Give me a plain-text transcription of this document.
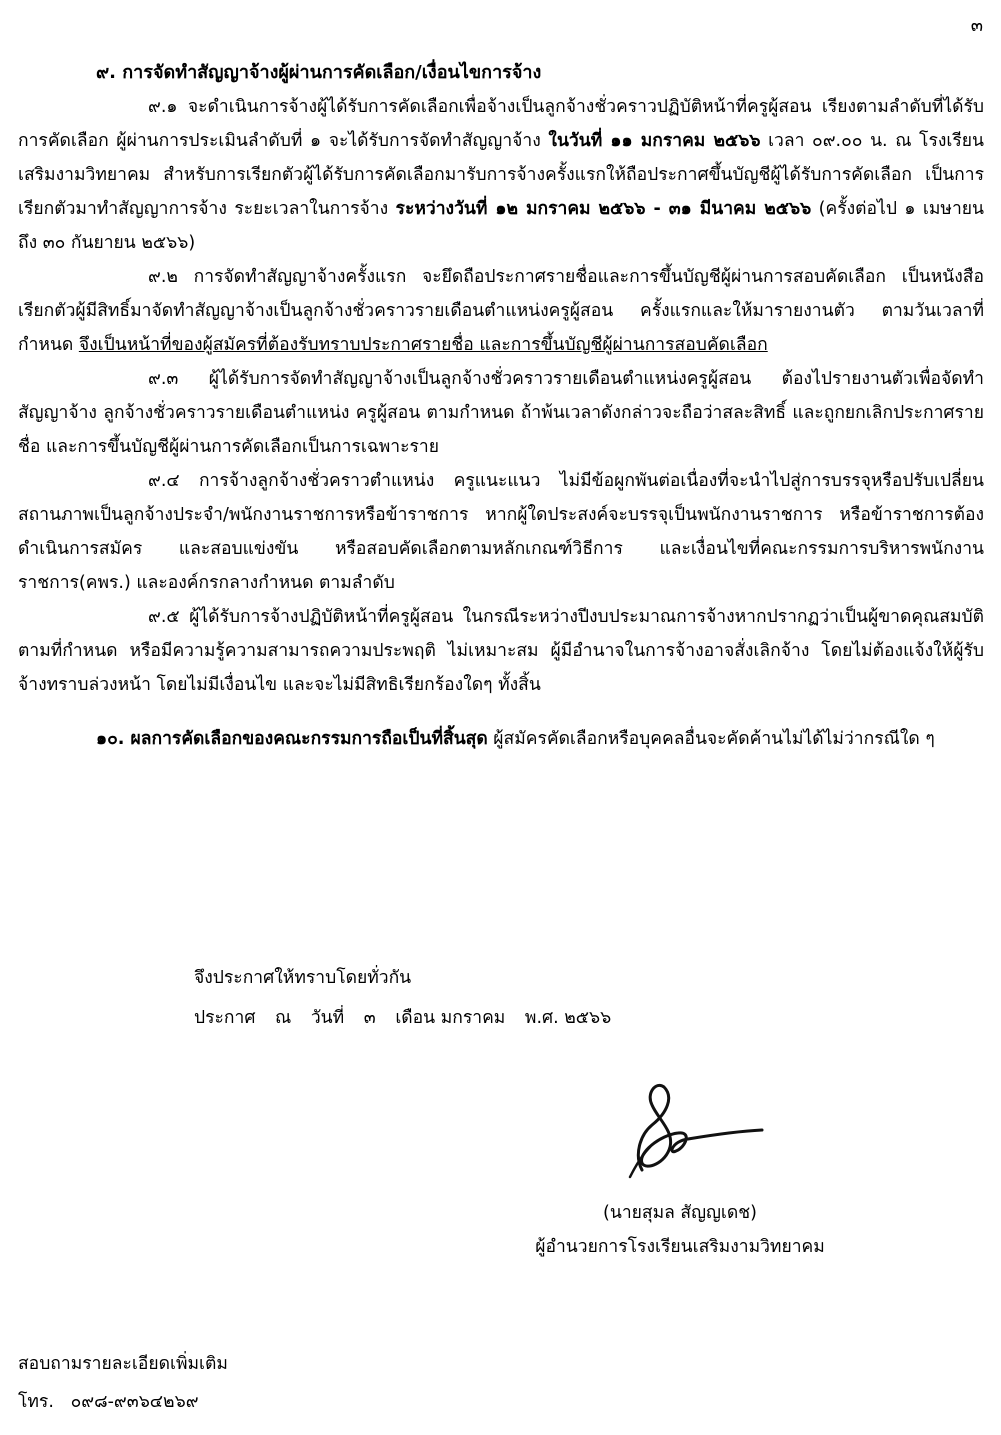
๓

๙. การจัดทำสัญญาจ้างผู้ผ่านการคัดเลือก/เงื่อนไขการจ้าง

๙.๑ จะดำเนินการจ้างผู้ได้รับการคัดเลือกเพื่อจ้างเป็นลูกจ้างชั่วคราวปฏิบัติหน้าที่ครูผู้สอน เรียงตามลำดับที่ได้รับการคัดเลือก ผู้ผ่านการประเมินลำดับที่ ๑ จะได้รับการจัดทำสัญญาจ้าง ในวันที่ ๑๑ มกราคม ๒๕๖๖ เวลา ๐๙.๐๐ น. ณ โรงเรียนเสริมงามวิทยาคม สำหรับการเรียกตัวผู้ได้รับการคัดเลือกมารับการจ้างครั้งแรกให้ถือประกาศขึ้นบัญชีผู้ได้รับการคัดเลือก เป็นการเรียกตัวมาทำสัญญาการจ้าง ระยะเวลาในการจ้าง ระหว่างวันที่ ๑๒ มกราคม ๒๕๖๖ - ๓๑ มีนาคม ๒๕๖๖ (ครั้งต่อไป ๑ เมษายน ถึง ๓๐ กันยายน ๒๕๖๖)

๙.๒ การจัดทำสัญญาจ้างครั้งแรก จะยึดถือประกาศรายชื่อและการขึ้นบัญชีผู้ผ่านการสอบคัดเลือก เป็นหนังสือ เรียกตัวผู้มีสิทธิ์มาจัดทำสัญญาจ้างเป็นลูกจ้างชั่วคราวรายเดือนตำแหน่งครูผู้สอน ครั้งแรกและให้มารายงานตัว ตามวันเวลาที่กำหนด จึงเป็นหน้าที่ของผู้สมัครที่ต้องรับทราบประกาศรายชื่อ และการขึ้นบัญชีผู้ผ่านการสอบคัดเลือก

๙.๓ ผู้ได้รับการจัดทำสัญญาจ้างเป็นลูกจ้างชั่วคราวรายเดือนตำแหน่งครูผู้สอน ต้องไปรายงานตัวเพื่อจัดทำสัญญาจ้าง ลูกจ้างชั่วคราวรายเดือนตำแหน่ง ครูผู้สอน ตามกำหนด ถ้าพ้นเวลาดังกล่าวจะถือว่าสละสิทธิ์ และถูกยกเลิกประกาศรายชื่อ และการขึ้นบัญชีผู้ผ่านการคัดเลือกเป็นการเฉพาะราย

๙.๔ การจ้างลูกจ้างชั่วคราวตำแหน่ง ครูแนะแนว ไม่มีข้อผูกพันต่อเนื่องที่จะนำไปสู่การบรรจุหรือปรับเปลี่ยนสถานภาพเป็นลูกจ้างประจำ/พนักงานราชการหรือข้าราชการ หากผู้ใดประสงค์จะบรรจุเป็นพนักงานราชการ หรือข้าราชการต้องดำเนินการสมัคร และสอบแข่งขัน หรือสอบคัดเลือกตามหลักเกณฑ์วิธีการ และเงื่อนไขที่คณะกรรมการบริหารพนักงานราชการ(คพร.) และองค์กรกลางกำหนด ตามลำดับ

๙.๕ ผู้ได้รับการจ้างปฏิบัติหน้าที่ครูผู้สอน ในกรณีระหว่างปีงบประมาณการจ้างหากปรากฏว่าเป็นผู้ขาดคุณสมบัติตามที่กำหนด หรือมีความรู้ความสามารถความประพฤติ ไม่เหมาะสม ผู้มีอำนาจในการจ้างอาจสั่งเลิกจ้าง โดยไม่ต้องแจ้งให้ผู้รับจ้างทราบล่วงหน้า โดยไม่มีเงื่อนไข และจะไม่มีสิทธิเรียกร้องใดๆ ทั้งสิ้น

๑๐. ผลการคัดเลือกของคณะกรรมการถือเป็นที่สิ้นสุด ผู้สมัครคัดเลือกหรือบุคคลอื่นจะคัดค้านไม่ได้ไม่ว่ากรณีใด ๆ

จึงประกาศให้ทราบโดยทั่วกัน
ประกาศ ณ วันที่ ๓ เดือน มกราคม พ.ศ. ๒๕๖๖
(นายสุมล สัญญเดช)
ผู้อำนวยการโรงเรียนเสริมงามวิทยาคม
สอบถามรายละเอียดเพิ่มเติม
โทร. ๐๙๘-๙๓๖๔๒๖๙
